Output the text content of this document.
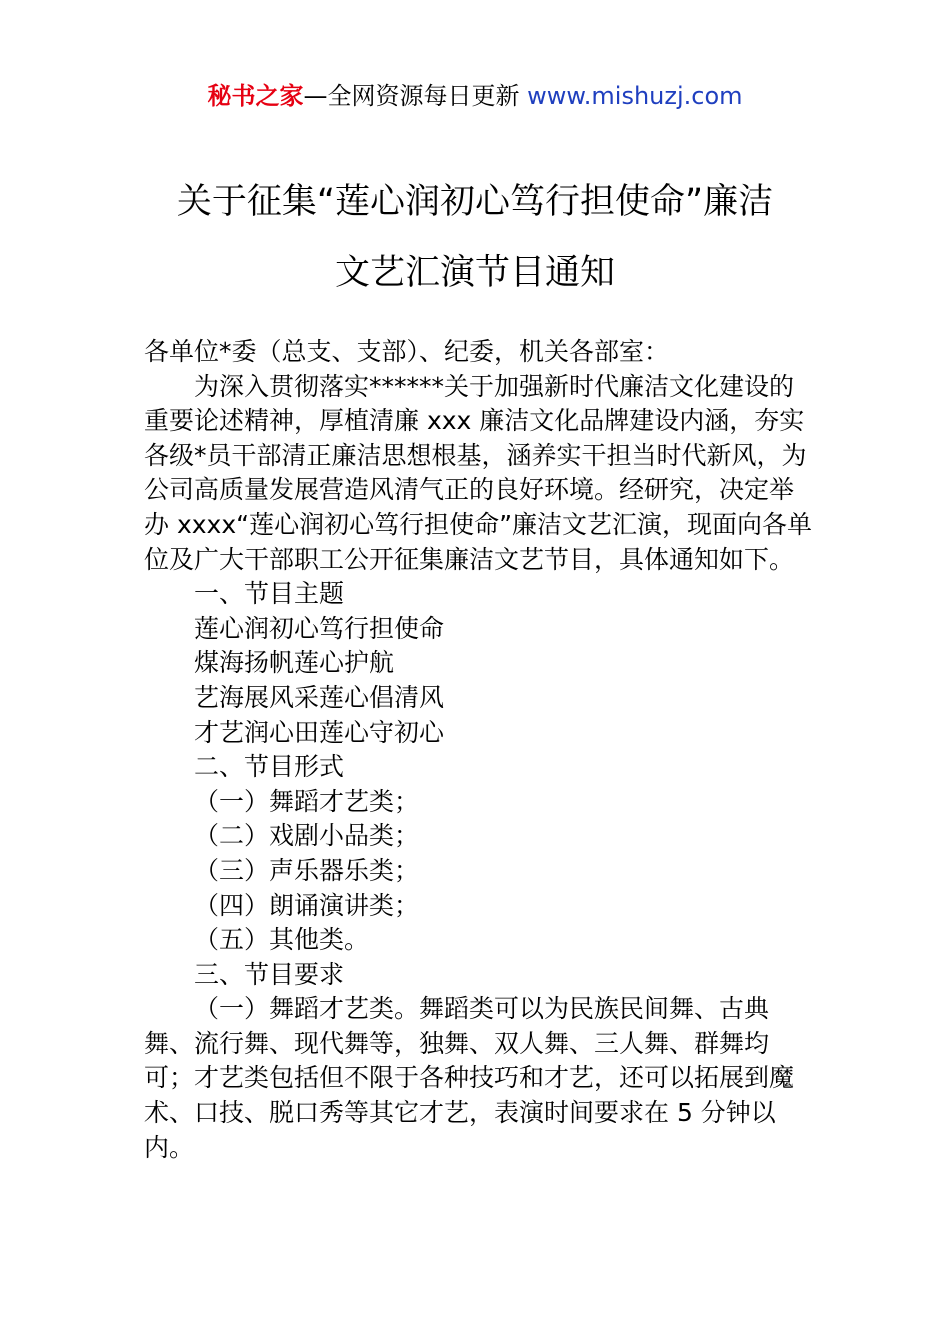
秘书之家—全网资源每日更新 www.mishuzj.com
关于征集“莲心润初心笃行担使命”廉洁
文艺汇演节目通知

各单位*委（总支、支部）、纪委，机关各部室：

为深入贯彻落实******关于加强新时代廉洁文化建设的重要论述精神，厚植清廉 xxx 廉洁文化品牌建设内涵，夯实各级*员干部清正廉洁思想根基，涵养实干担当时代新风，为公司高质量发展营造风清气正的良好环境。经研究，决定举办 xxxx“莲心润初心笃行担使命”廉洁文艺汇演，现面向各单位及广大干部职工公开征集廉洁文艺节目，具体通知如下。

一、节目主题

莲心润初心笃行担使命

煤海扬帆莲心护航

艺海展风采莲心倡清风

才艺润心田莲心守初心

二、节目形式

（一）舞蹈才艺类；

（二）戏剧小品类；

（三）声乐器乐类；

（四）朗诵演讲类；

（五）其他类。

三、节目要求

（一）舞蹈才艺类。舞蹈类可以为民族民间舞、古典舞、流行舞、现代舞等，独舞、双人舞、三人舞、群舞均可；才艺类包括但不限于各种技巧和才艺，还可以拓展到魔术、口技、脱口秀等其它才艺，表演时间要求在 5 分钟以内。
